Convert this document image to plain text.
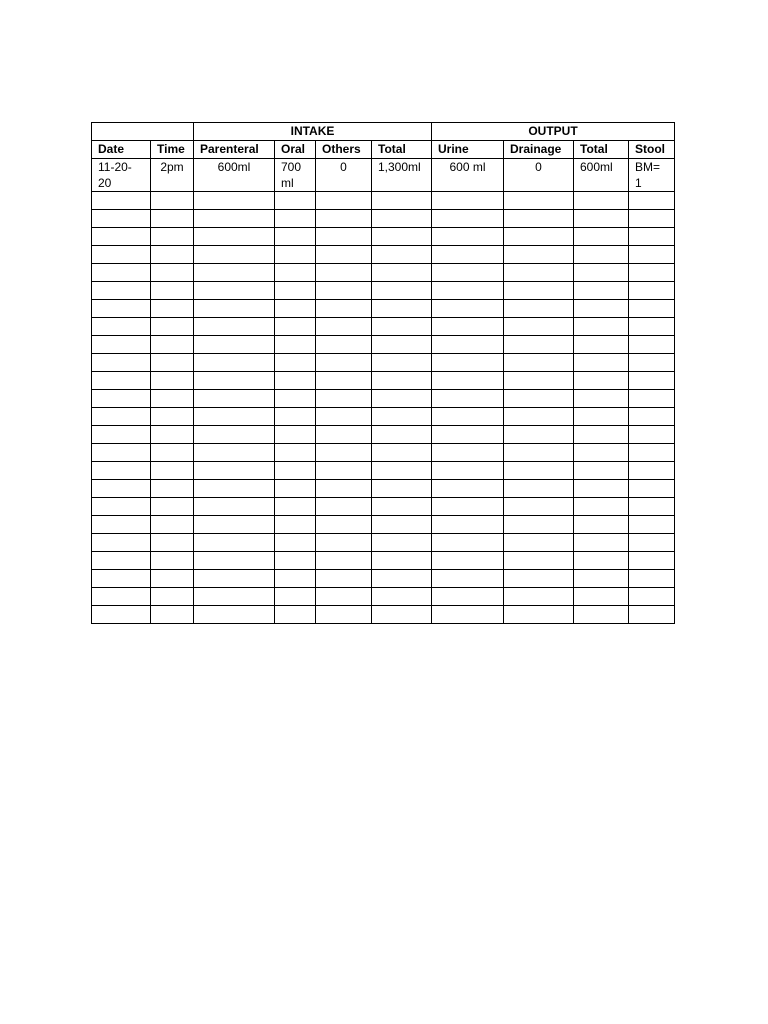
		INTAKE				OUTPUT			
Date	Time	Parenteral	Oral	Others	Total	Urine	Drainage	Total	Stool
11-20-20	2pm	600ml	700 ml	0	1,300ml	600 ml	0	600ml	BM= 1
